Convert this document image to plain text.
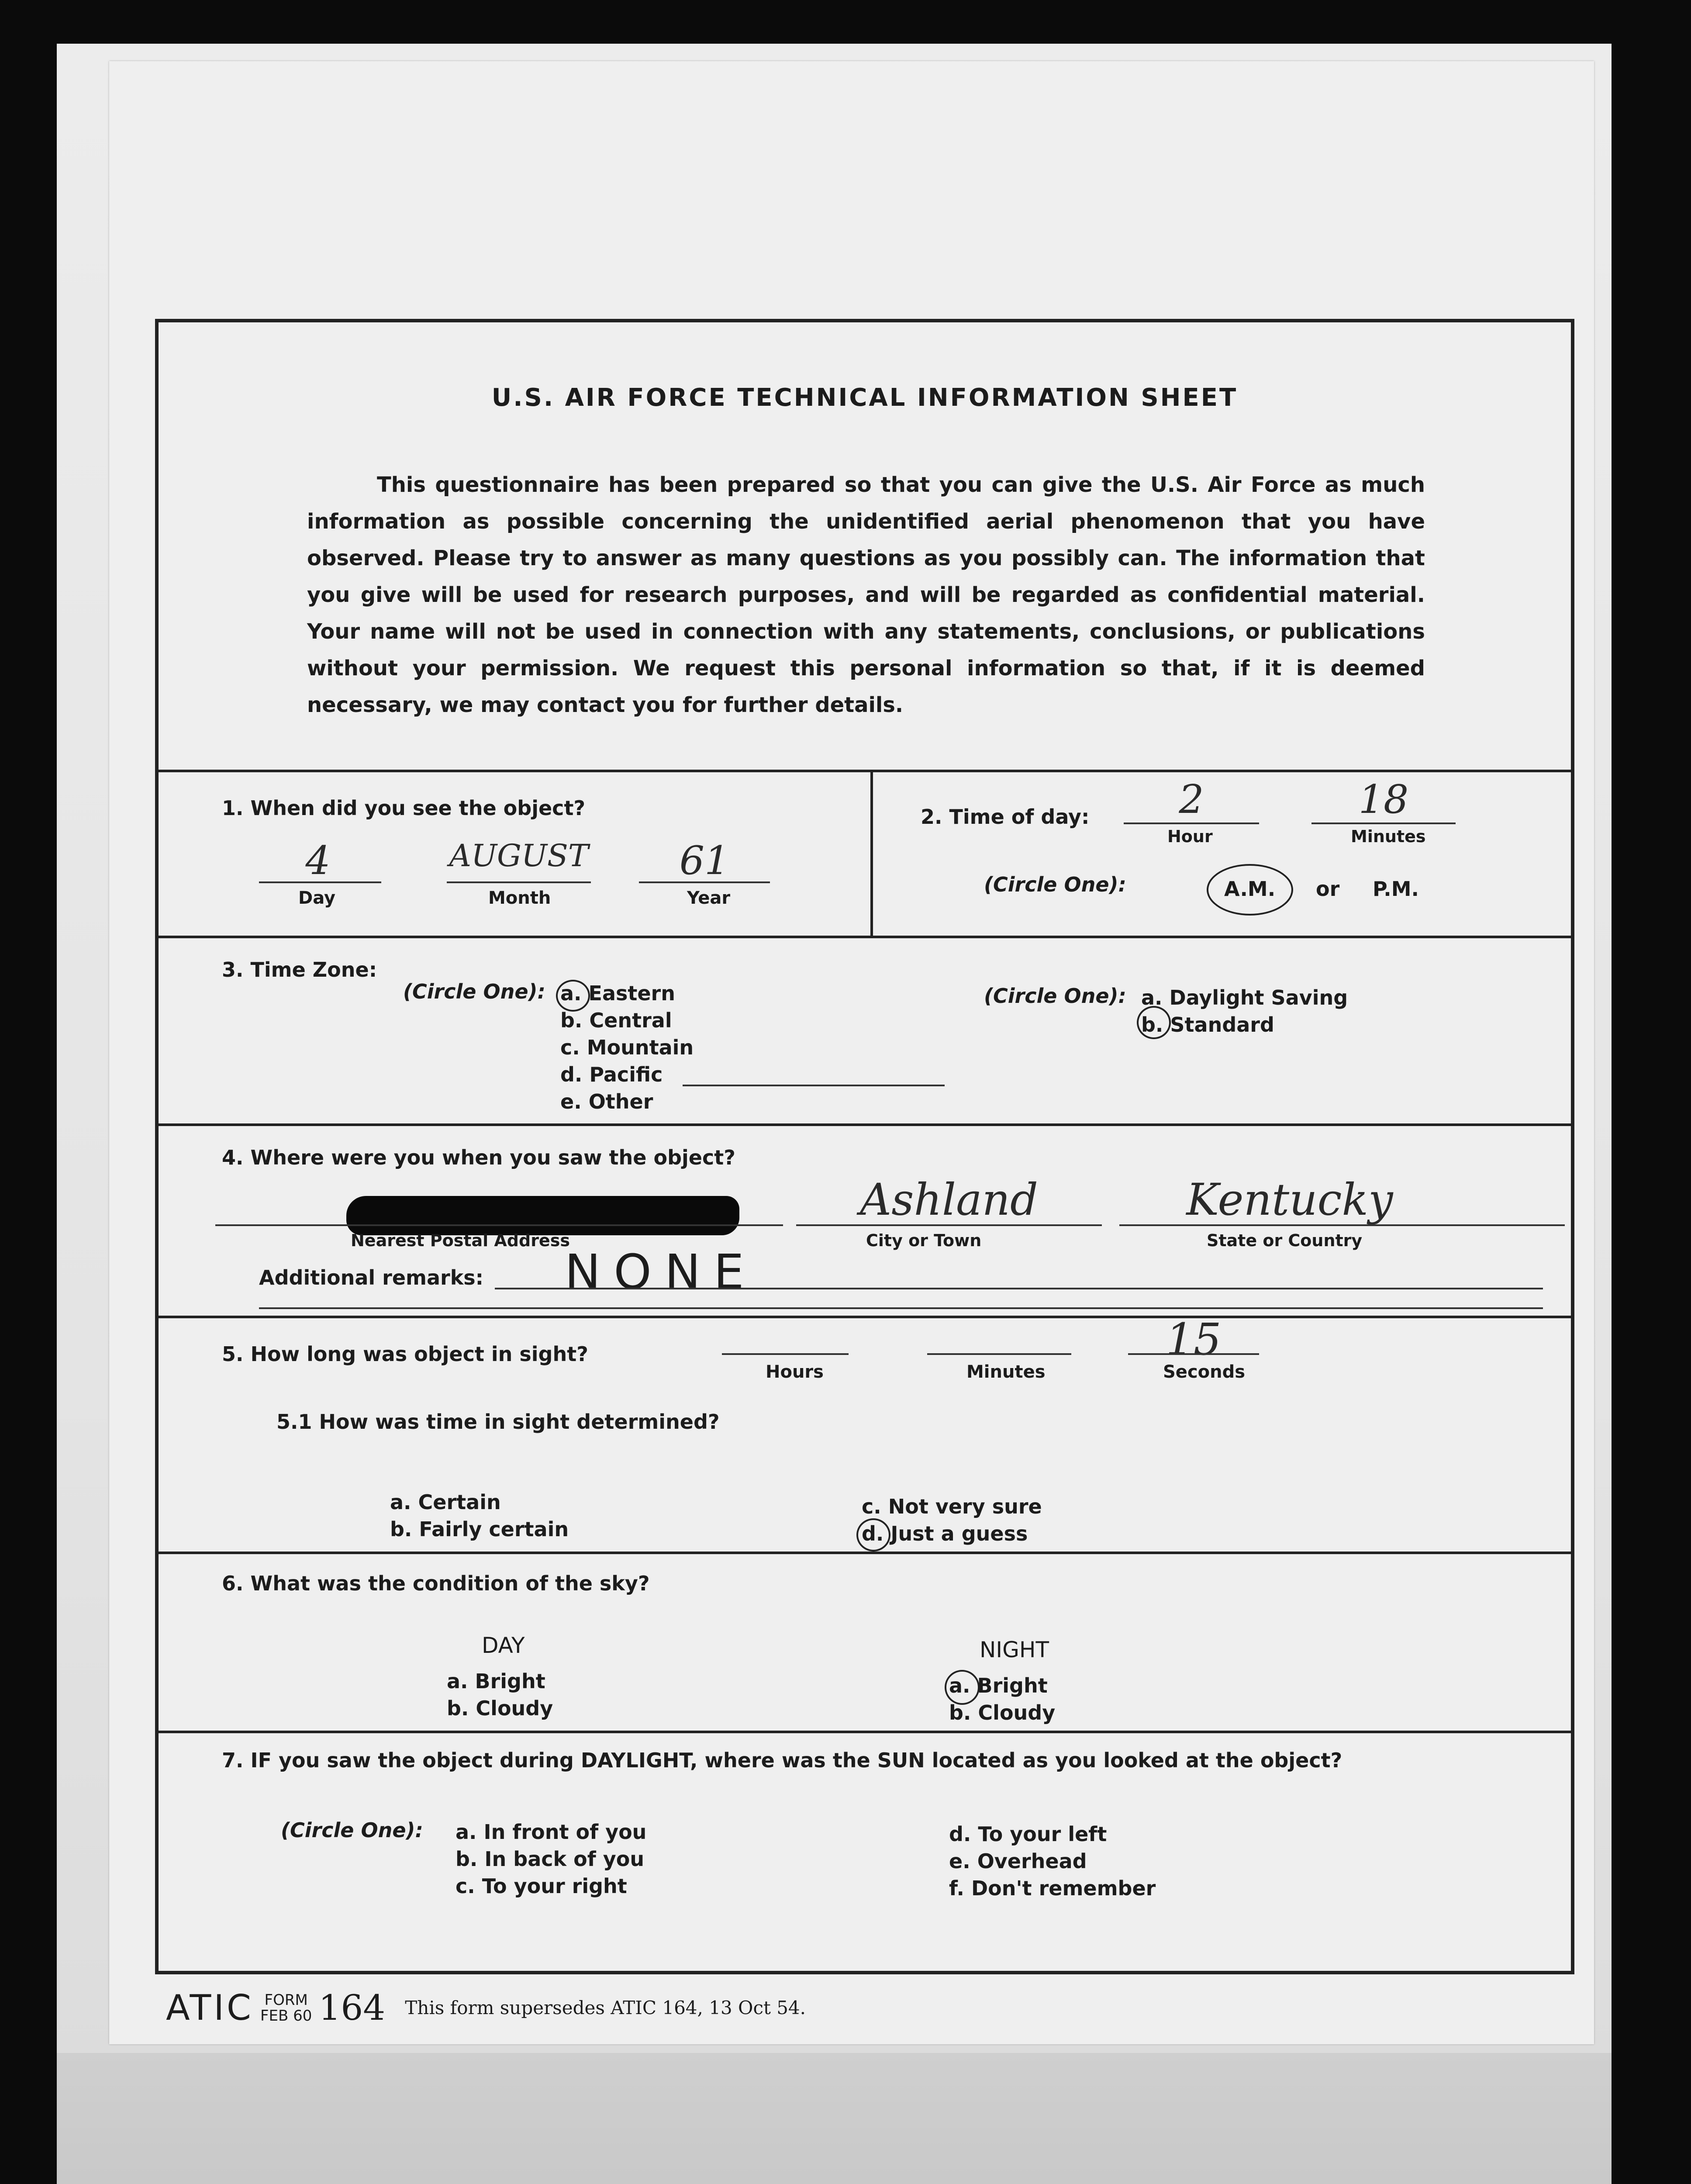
U.S. AIR FORCE TECHNICAL INFORMATION SHEET
This questionnaire has been prepared so that you can give the U.S. Air Force as much information as possible concerning the unidentified aerial phenomenon that you have observed. Please try to answer as many questions as you possibly can. The information that you give will be used for research purposes, and will be regarded as confidential material. Your name will not be used in connection with any statements, conclusions, or publications without your permission. We request this personal information so that, if it is deemed necessary, we may contact you for further details.
1. When did you see the object?
4
Day
AUGUST
Month
61
Year
2. Time of day:	2
Hour
18
Minutes
(Circle One):	A.M. or P.M.
3. Time Zone:
(Circle One): a. Eastern
b. Central
c. Mountain
d. Pacific
e. Other
(Circle One): a. Daylight Saving
b. Standard
4. Where were you when you saw the object?
Nearest Postal Address
Ashland
City or Town
Kentucky
State or Country
Additional remarks: NONE
5. How long was object in sight?
Hours	Minutes
15
Seconds
5.1 How was time in sight determined?
a. Certain
b. Fairly certain
c. Not very sure
d. Just a guess
6. What was the condition of the sky?
DAY
a. Bright
b. Cloudy
NIGHT
a. Bright
b. Cloudy
7. IF you saw the object during DAYLIGHT, where was the SUN located as you looked at the object?
(Circle One): a. In front of you
b. In back of you
c. To your right
d. To your left
e. Overhead
f. Don't remember
ATIC FORM
FEB 60 164 This form supersedes ATIC 164, 13 Oct 54.
